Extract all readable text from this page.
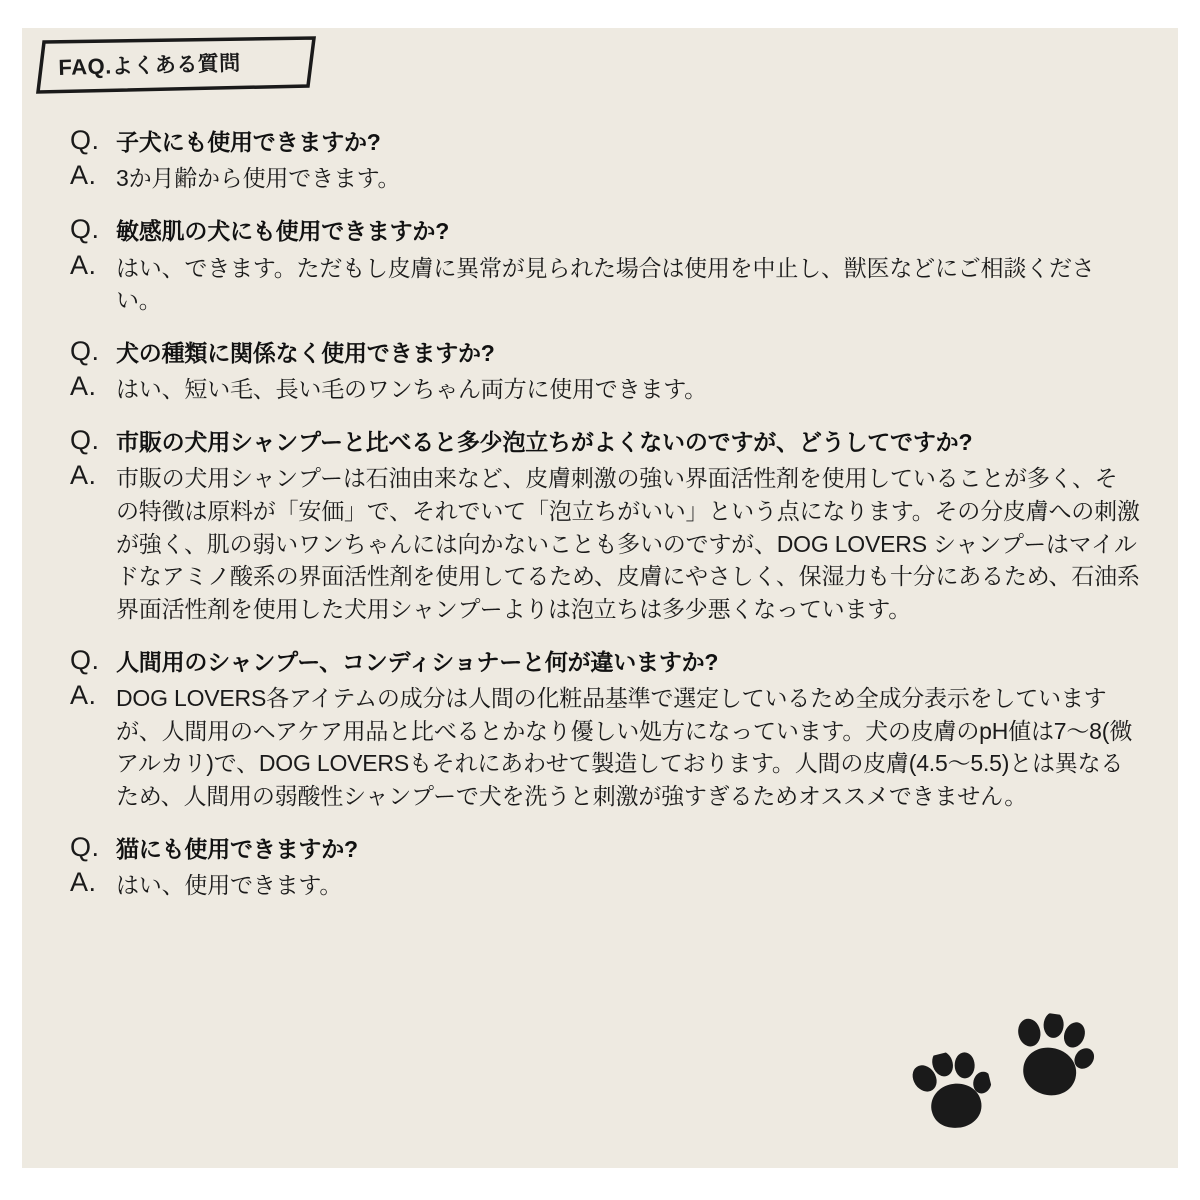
FAQ.よくある質問
Q. 子犬にも使用できますか?
A. 3か月齢から使用できます。
Q. 敏感肌の犬にも使用できますか?
A. はい、できます。ただもし皮膚に異常が見られた場合は使用を中止し、獣医などにご相談ください。
Q. 犬の種類に関係なく使用できますか?
A. はい、短い毛、長い毛のワンちゃん両方に使用できます。
Q. 市販の犬用シャンプーと比べると多少泡立ちがよくないのですが、どうしてですか?
A. 市販の犬用シャンプーは石油由来など、皮膚刺激の強い界面活性剤を使用していることが多く、その特徴は原料が「安価」で、それでいて「泡立ちがいい」という点になります。その分皮膚への刺激が強く、肌の弱いワンちゃんには向かないことも多いのですが、DOG LOVERS シャンプーはマイルドなアミノ酸系の界面活性剤を使用してるため、皮膚にやさしく、保湿力も十分にあるため、石油系界面活性剤を使用した犬用シャンプーよりは泡立ちは多少悪くなっています。
Q. 人間用のシャンプー、コンディショナーと何が違いますか?
A. DOG LOVERS各アイテムの成分は人間の化粧品基準で選定しているため全成分表示をしていますが、人間用のヘアケア用品と比べるとかなり優しい処方になっています。犬の皮膚のpH値は7〜8(微アルカリ)で、DOG LOVERSもそれにあわせて製造しております。人間の皮膚(4.5〜5.5)とは異なるため、人間用の弱酸性シャンプーで犬を洗うと刺激が強すぎるためオススメできません。
Q. 猫にも使用できますか?
A. はい、使用できます。
